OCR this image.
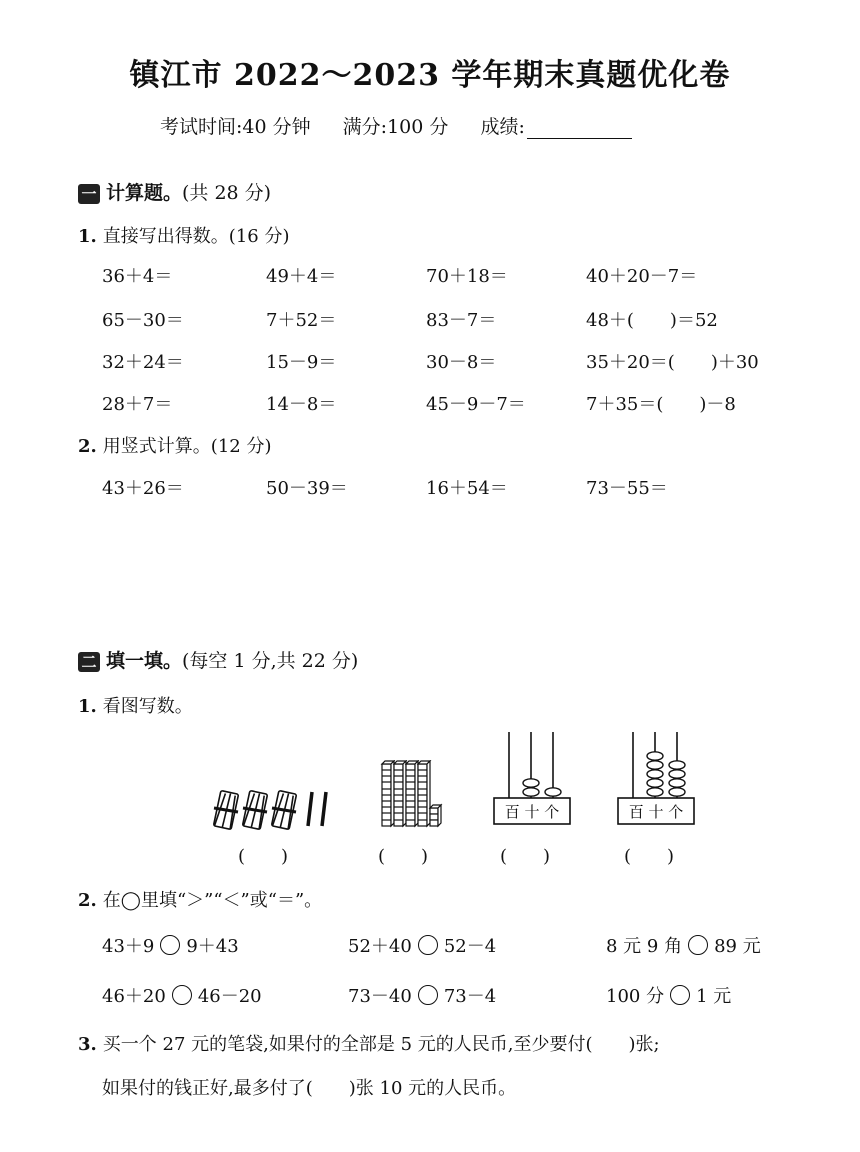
镇江市 2022～2023 学年期末真题优化卷
考试时间:40 分钟 满分:100 分 成绩:
一 计算题。(共 28 分)
1. 直接写出得数。(16 分)
36＋4＝	49＋4＝	70＋18＝	40＋20－7＝
65－30＝	7＋52＝	83－7＝	48＋(　　)＝52
32＋24＝	15－9＝	30－8＝	35＋20＝(　　)＋30
28＋7＝	14－8＝	45－9－7＝	7＋35＝(　　)－8
2. 用竖式计算。(12 分)
43＋26＝	50－39＝	16＋54＝	73－55＝
二 填一填。(每空 1 分,共 22 分)
1. 看图写数。
百 十 个	百 十 个
(　　)	(　　)	(　　)	(　　)
2. 在◯里填“＞”“＜”或“＝”。
43＋9 9＋43	52＋40 52－4	8 元 9 角 89 元
46＋20 46－20	73－40 73－4	100 分 1 元
3. 买一个 27 元的笔袋,如果付的全部是 5 元的人民币,至少要付(　　)张;
如果付的钱正好,最多付了(　　)张 10 元的人民币。
